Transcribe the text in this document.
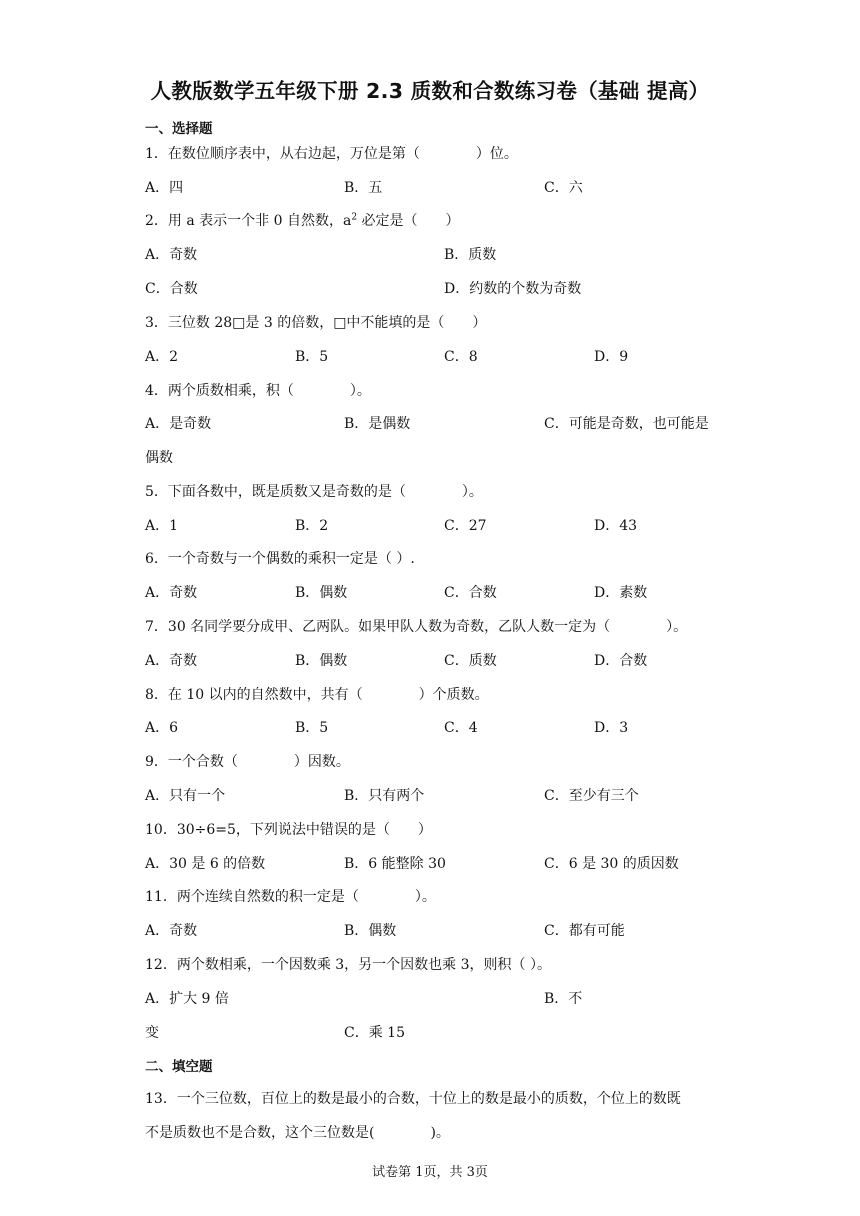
人教版数学五年级下册 2.3 质数和合数练习卷（基础 提高）
一、选择题
1．在数位顺序表中，从右边起，万位是第（　　　　）位。
A．四	B．五	C．六
2．用 a 表示一个非 0 自然数，$a^2$ 必定是（　　）
A．奇数	B．质数
C．合数	D．约数的个数为奇数
3．三位数 28□是 3 的倍数，□中不能填的是（　　）
A．2	B．5	C．8	D．9
4．两个质数相乘，积（　　　　）。
A．是奇数	B．是偶数	C．可能是奇数，也可能是
偶数
5．下面各数中，既是质数又是奇数的是（　　　　）。
A．1	B．2	C．27	D．43
6．一个奇数与一个偶数的乘积一定是（ ）.
A．奇数	B．偶数	C．合数	D．素数
7．30 名同学要分成甲、乙两队。如果甲队人数为奇数，乙队人数一定为（　　　　）。
A．奇数	B．偶数	C．质数	D．合数
8．在 10 以内的自然数中，共有（　　　　）个质数。
A．6	B．5	C．4	D．3
9．一个合数（　　　　）因数。
A．只有一个	B．只有两个	C．至少有三个
10．30÷6=5，下列说法中错误的是（　　）
A．30 是 6 的倍数	B．6 能整除 30	C．6 是 30 的质因数
11．两个连续自然数的积一定是（　　　　）。
A．奇数	B．偶数	C．都有可能
12．两个数相乘，一个因数乘 3，另一个因数也乘 3，则积（ ）。
A．扩大 9 倍	B．不
变	C．乘 15
二、填空题
13．一个三位数，百位上的数是最小的合数，十位上的数是最小的质数，个位上的数既
不是质数也不是合数，这个三位数是(　　　　)。
试卷第 1页，共 3页
